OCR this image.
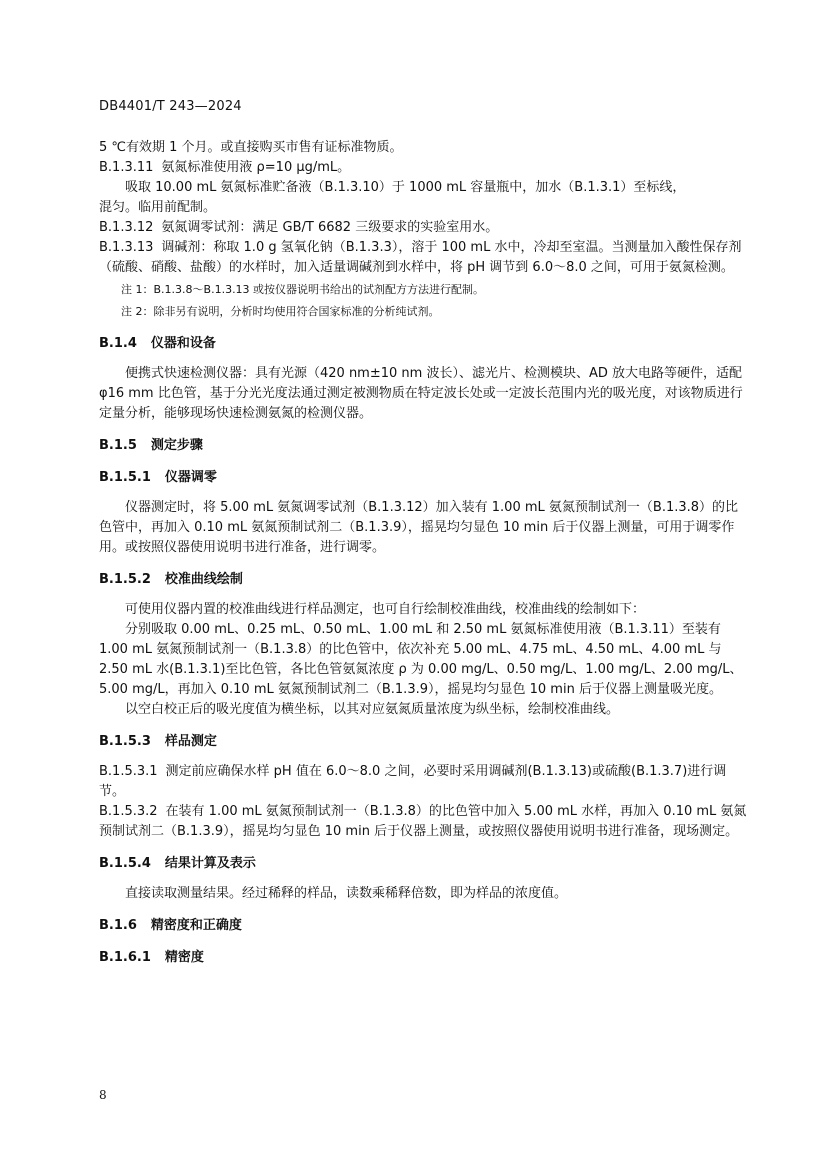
DB4401/T 243—2024

5 ℃有效期 1 个月。或直接购买市售有证标准物质。

B.1.3.11 氨氮标准使用液 ρ=10 μg/mL。

吸取 10.00 mL 氨氮标准贮备液（B.1.3.10）于 1000 mL 容量瓶中，加水（B.1.3.1）至标线，

混匀。临用前配制。

B.1.3.12 氨氮调零试剂：满足 GB/T 6682 三级要求的实验室用水。

B.1.3.13 调碱剂：称取 1.0 g 氢氧化钠（B.1.3.3），溶于 100 mL 水中，冷却至室温。当测量加入酸性保存剂（硫酸、硝酸、盐酸）的水样时，加入适量调碱剂到水样中，将 pH 调节到 6.0～8.0 之间，可用于氨氮检测。

注 1：B.1.3.8～B.1.3.13 或按仪器说明书给出的试剂配方方法进行配制。

注 2：除非另有说明，分析时均使用符合国家标准的分析纯试剂。

B.1.4 仪器和设备

便携式快速检测仪器：具有光源（420 nm±10 nm 波长）、滤光片、检测模块、AD 放大电路等硬件，适配 φ16 mm 比色管，基于分光光度法通过测定被测物质在特定波长处或一定波长范围内光的吸光度，对该物质进行定量分析，能够现场快速检测氨氮的检测仪器。

B.1.5 测定步骤

B.1.5.1 仪器调零

仪器测定时，将 5.00 mL 氨氮调零试剂（B.1.3.12）加入装有 1.00 mL 氨氮预制试剂一（B.1.3.8）的比色管中，再加入 0.10 mL 氨氮预制试剂二（B.1.3.9），摇晃均匀显色 10 min 后于仪器上测量，可用于调零作用。或按照仪器使用说明书进行准备，进行调零。

B.1.5.2 校准曲线绘制

可使用仪器内置的校准曲线进行样品测定，也可自行绘制校准曲线，校准曲线的绘制如下：

分别吸取 0.00 mL、0.25 mL、0.50 mL、1.00 mL 和 2.50 mL 氨氮标准使用液（B.1.3.11）至装有 1.00 mL 氨氮预制试剂一（B.1.3.8）的比色管中，依次补充 5.00 mL、4.75 mL、4.50 mL、4.00 mL 与 2.50 mL 水(B.1.3.1)至比色管，各比色管氨氮浓度 ρ 为 0.00 mg/L、0.50 mg/L、1.00 mg/L、2.00 mg/L、5.00 mg/L，再加入 0.10 mL 氨氮预制试剂二（B.1.3.9），摇晃均匀显色 10 min 后于仪器上测量吸光度。

以空白校正后的吸光度值为横坐标，以其对应氨氮质量浓度为纵坐标，绘制校准曲线。

B.1.5.3 样品测定

B.1.5.3.1 测定前应确保水样 pH 值在 6.0～8.0 之间，必要时采用调碱剂(B.1.3.13)或硫酸(B.1.3.7)进行调节。

B.1.5.3.2 在装有 1.00 mL 氨氮预制试剂一（B.1.3.8）的比色管中加入 5.00 mL 水样，再加入 0.10 mL 氨氮预制试剂二（B.1.3.9），摇晃均匀显色 10 min 后于仪器上测量，或按照仪器使用说明书进行准备，现场测定。

B.1.5.4 结果计算及表示

直接读取测量结果。经过稀释的样品，读数乘稀释倍数，即为样品的浓度值。

B.1.6 精密度和正确度

B.1.6.1 精密度

8
